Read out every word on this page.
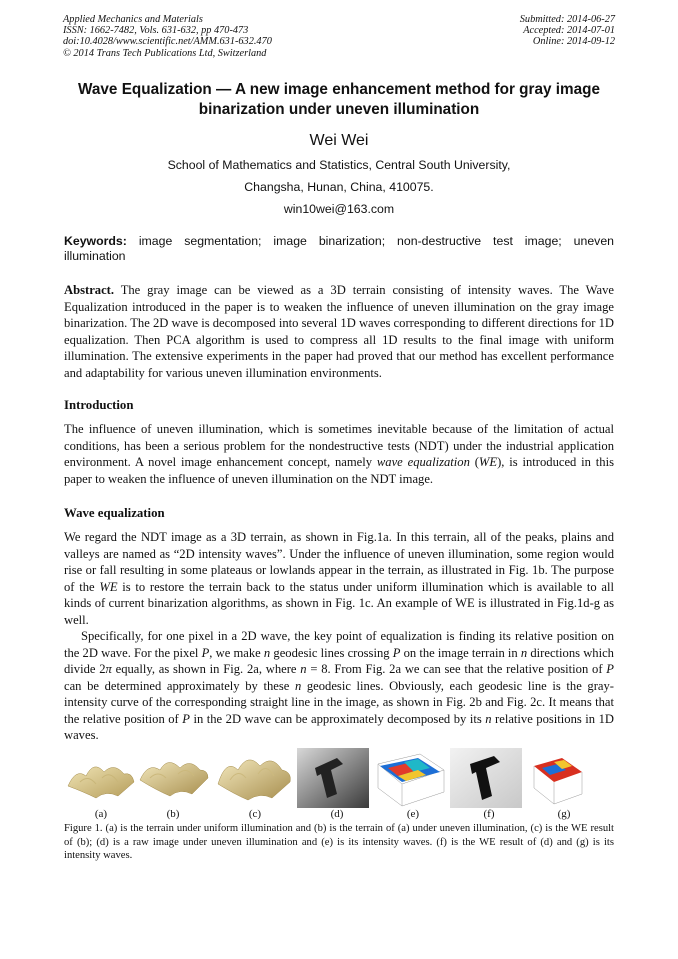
Applied Mechanics and Materials
ISSN: 1662-7482, Vols. 631-632, pp 470-473
doi:10.4028/www.scientific.net/AMM.631-632.470
© 2014 Trans Tech Publications Ltd, Switzerland
Submitted: 2014-06-27
Accepted: 2014-07-01
Online: 2014-09-12
Wave Equalization — A new image enhancement method for gray image binarization under uneven illumination
Wei Wei
School of Mathematics and Statistics, Central South University,
Changsha, Hunan, China, 410075.
win10wei@163.com
Keywords: image segmentation; image binarization; non-destructive test image; uneven illumination
Abstract. The gray image can be viewed as a 3D terrain consisting of intensity waves. The Wave Equalization introduced in the paper is to weaken the influence of uneven illumination on the gray image binarization. The 2D wave is decomposed into several 1D waves corresponding to different directions for 1D equalization. Then PCA algorithm is used to compress all 1D results to the final image with uniform illumination. The extensive experiments in the paper had proved that our method has excellent performance and adaptability for various uneven illumination environments.
Introduction
The influence of uneven illumination, which is sometimes inevitable because of the limitation of actual conditions, has been a serious problem for the nondestructive tests (NDT) under the industrial application environment. A novel image enhancement concept, namely wave equalization (WE), is introduced in this paper to weaken the influence of uneven illumination on the NDT image.
Wave equalization
We regard the NDT image as a 3D terrain, as shown in Fig.1a. In this terrain, all of the peaks, plains and valleys are named as “2D intensity waves”. Under the influence of uneven illumination, some region would rise or fall resulting in some plateaus or lowlands appear in the terrain, as illustrated in Fig. 1b. The purpose of the WE is to restore the terrain back to the status under uniform illumination which is available to all kinds of current binarization algorithms, as shown in Fig. 1c. An example of WE is illustrated in Fig.1d-g as well.
Specifically, for one pixel in a 2D wave, the key point of equalization is finding its relative position on the 2D wave. For the pixel P, we make n geodesic lines crossing P on the image terrain in n directions which divide 2π equally, as shown in Fig. 2a, where n = 8. From Fig. 2a we can see that the relative position of P can be determined approximately by these n geodesic lines. Obviously, each geodesic line is the gray-intensity curve of the corresponding straight line in the image, as shown in Fig. 2b and Fig. 2c. It means that the relative position of P in the 2D wave can be approximately decomposed by its n relative positions in 1D waves.
(a)	(b)	(c)	(d)	(e)	(f)	(g)
Figure 1. (a) is the terrain under uniform illumination and (b) is the terrain of (a) under uneven illumination, (c) is the WE result of (b); (d) is a raw image under uneven illumination and (e) is its intensity waves. (f) is the WE result of (d) and (g) is its intensity waves.
